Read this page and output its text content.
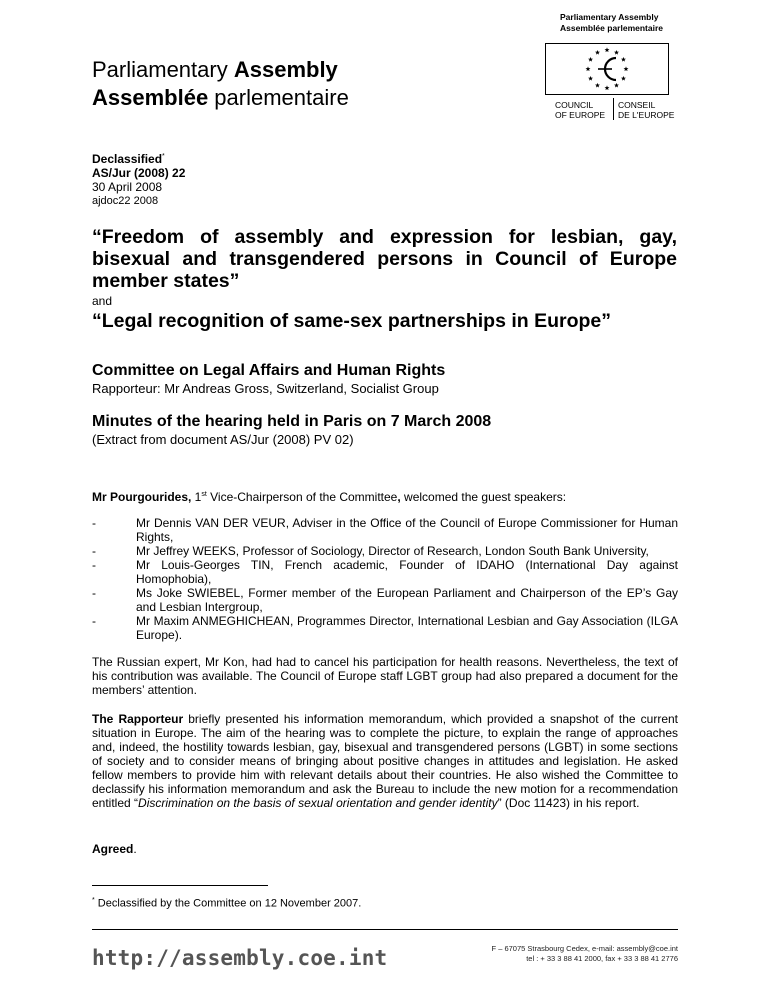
Parliamentary Assembly
Assemblée parlementaire
COUNCIL
OF EUROPE
CONSEIL
DE L'EUROPE
Parliamentary Assembly
Assemblée parlementaire
Declassified*
AS/Jur (2008) 22
30 April 2008
ajdoc22 2008
“Freedom of assembly and expression for lesbian, gay, bisexual and transgendered persons in Council of Europe member states”
and
“Legal recognition of same-sex partnerships in Europe”
Committee on Legal Affairs and Human Rights
Rapporteur: Mr Andreas Gross, Switzerland, Socialist Group
Minutes of the hearing held in Paris on 7 March 2008
(Extract from document AS/Jur (2008) PV 02)
Mr Pourgourides, 1st Vice-Chairperson of the Committee, welcomed the guest speakers:
-	Mr Dennis VAN DER VEUR, Adviser in the Office of the Council of Europe Commissioner for Human Rights,
-	Mr Jeffrey WEEKS, Professor of Sociology, Director of Research, London South Bank University,
-	Mr Louis-Georges TIN, French academic, Founder of IDAHO (International Day against Homophobia),
-	Ms Joke SWIEBEL, Former member of the European Parliament and Chairperson of the EP’s Gay and Lesbian Intergroup,
-	Mr Maxim ANMEGHICHEAN, Programmes Director, International Lesbian and Gay Association (ILGA Europe).
The Russian expert, Mr Kon, had had to cancel his participation for health reasons. Nevertheless, the text of his contribution was available. The Council of Europe staff LGBT group had also prepared a document for the members’ attention.
The Rapporteur briefly presented his information memorandum, which provided a snapshot of the current situation in Europe. The aim of the hearing was to complete the picture, to explain the range of approaches and, indeed, the hostility towards lesbian, gay, bisexual and transgendered persons (LGBT) in some sections of society and to consider means of bringing about positive changes in attitudes and legislation. He asked fellow members to provide him with relevant details about their countries. He also wished the Committee to declassify his information memorandum and ask the Bureau to include the new motion for a recommendation entitled “Discrimination on the basis of sexual orientation and gender identity” (Doc 11423) in his report.
Agreed.
* Declassified by the Committee on 12 November 2007.
http://assembly.coe.int	F – 67075 Strasbourg Cedex, e-mail: assembly@coe.int
tel : + 33 3 88 41 2000, fax + 33 3 88 41 2776
